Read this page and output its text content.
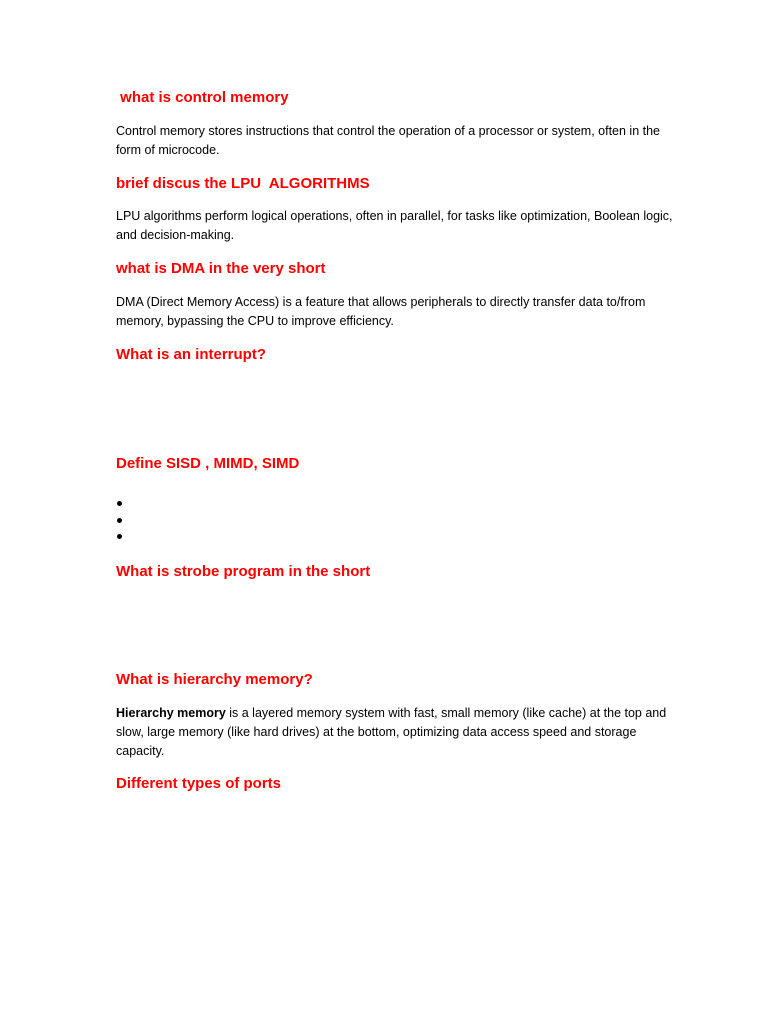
what is control memory

Control memory stores instructions that control the operation of a processor or system, often in the form of microcode.

brief discus the LPU  ALGORITHMS

LPU algorithms perform logical operations, often in parallel, for tasks like optimization, Boolean logic, and decision-making.

what is DMA in the very short

DMA (Direct Memory Access) is a feature that allows peripherals to directly transfer data to/from memory, bypassing the CPU to improve efficiency.

What is an interrupt?
Define SISD , MIMD, SIMD
What is strobe program in the short
What is hierarchy memory?

Hierarchy memory is a layered memory system with fast, small memory (like cache) at the top and slow, large memory (like hard drives) at the bottom, optimizing data access speed and storage capacity.

Different types of ports
